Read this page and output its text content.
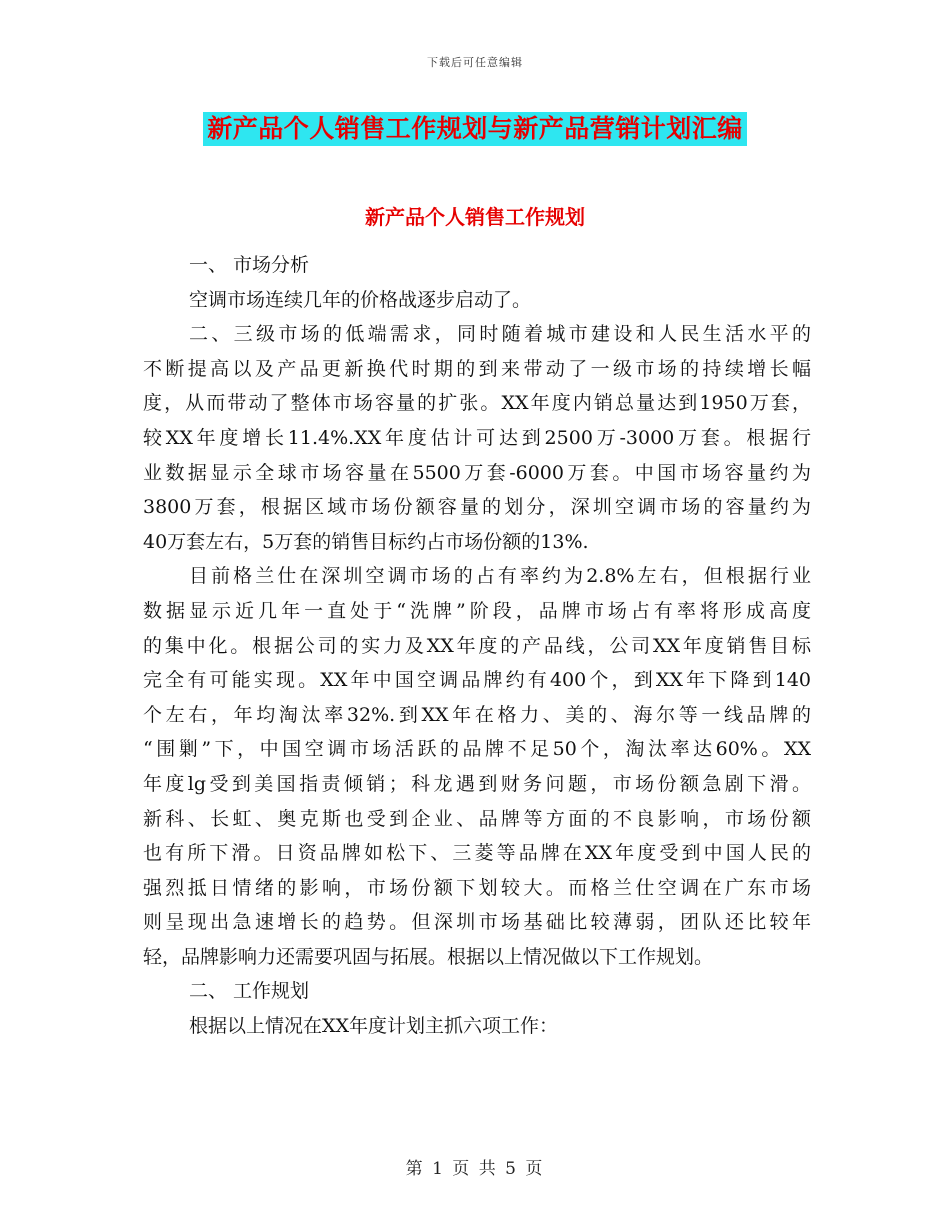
下载后可任意编辑
新产品个人销售工作规划与新产品营销计划汇编
新产品个人销售工作规划
一、 市场分析
空调市场连续几年的价格战逐步启动了。
二、三级市场的低端需求，同时随着城市建设和人民生活水平的
不断提高以及产品更新换代时期的到来带动了一级市场的持续增长幅
度，从而带动了整体市场容量的扩张。XX年度内销总量达到1950万套，
较XX年度增长11.4%.XX年度估计可达到2500万-3000万套。根据行
业数据显示全球市场容量在5500万套-6000万套。中国市场容量约为
3800万套，根据区域市场份额容量的划分，深圳空调市场的容量约为
40万套左右，5万套的销售目标约占市场份额的13%.
目前格兰仕在深圳空调市场的占有率约为2.8%左右，但根据行业
数据显示近几年一直处于“洗牌”阶段，品牌市场占有率将形成高度
的集中化。根据公司的实力及XX年度的产品线，公司XX年度销售目标
完全有可能实现。XX年中国空调品牌约有400个，到XX年下降到140
个左右，年均淘汰率32%.到XX年在格力、美的、海尔等一线品牌的
“围剿”下，中国空调市场活跃的品牌不足50个，淘汰率达60%。XX
年度lg受到美国指责倾销；科龙遇到财务问题，市场份额急剧下滑。
新科、长虹、奥克斯也受到企业、品牌等方面的不良影响，市场份额
也有所下滑。日资品牌如松下、三菱等品牌在XX年度受到中国人民的
强烈抵日情绪的影响，市场份额下划较大。而格兰仕空调在广东市场
则呈现出急速增长的趋势。但深圳市场基础比较薄弱，团队还比较年
轻，品牌影响力还需要巩固与拓展。根据以上情况做以下工作规划。
二、 工作规划
根据以上情况在XX年度计划主抓六项工作：
第 1 页 共 5 页
